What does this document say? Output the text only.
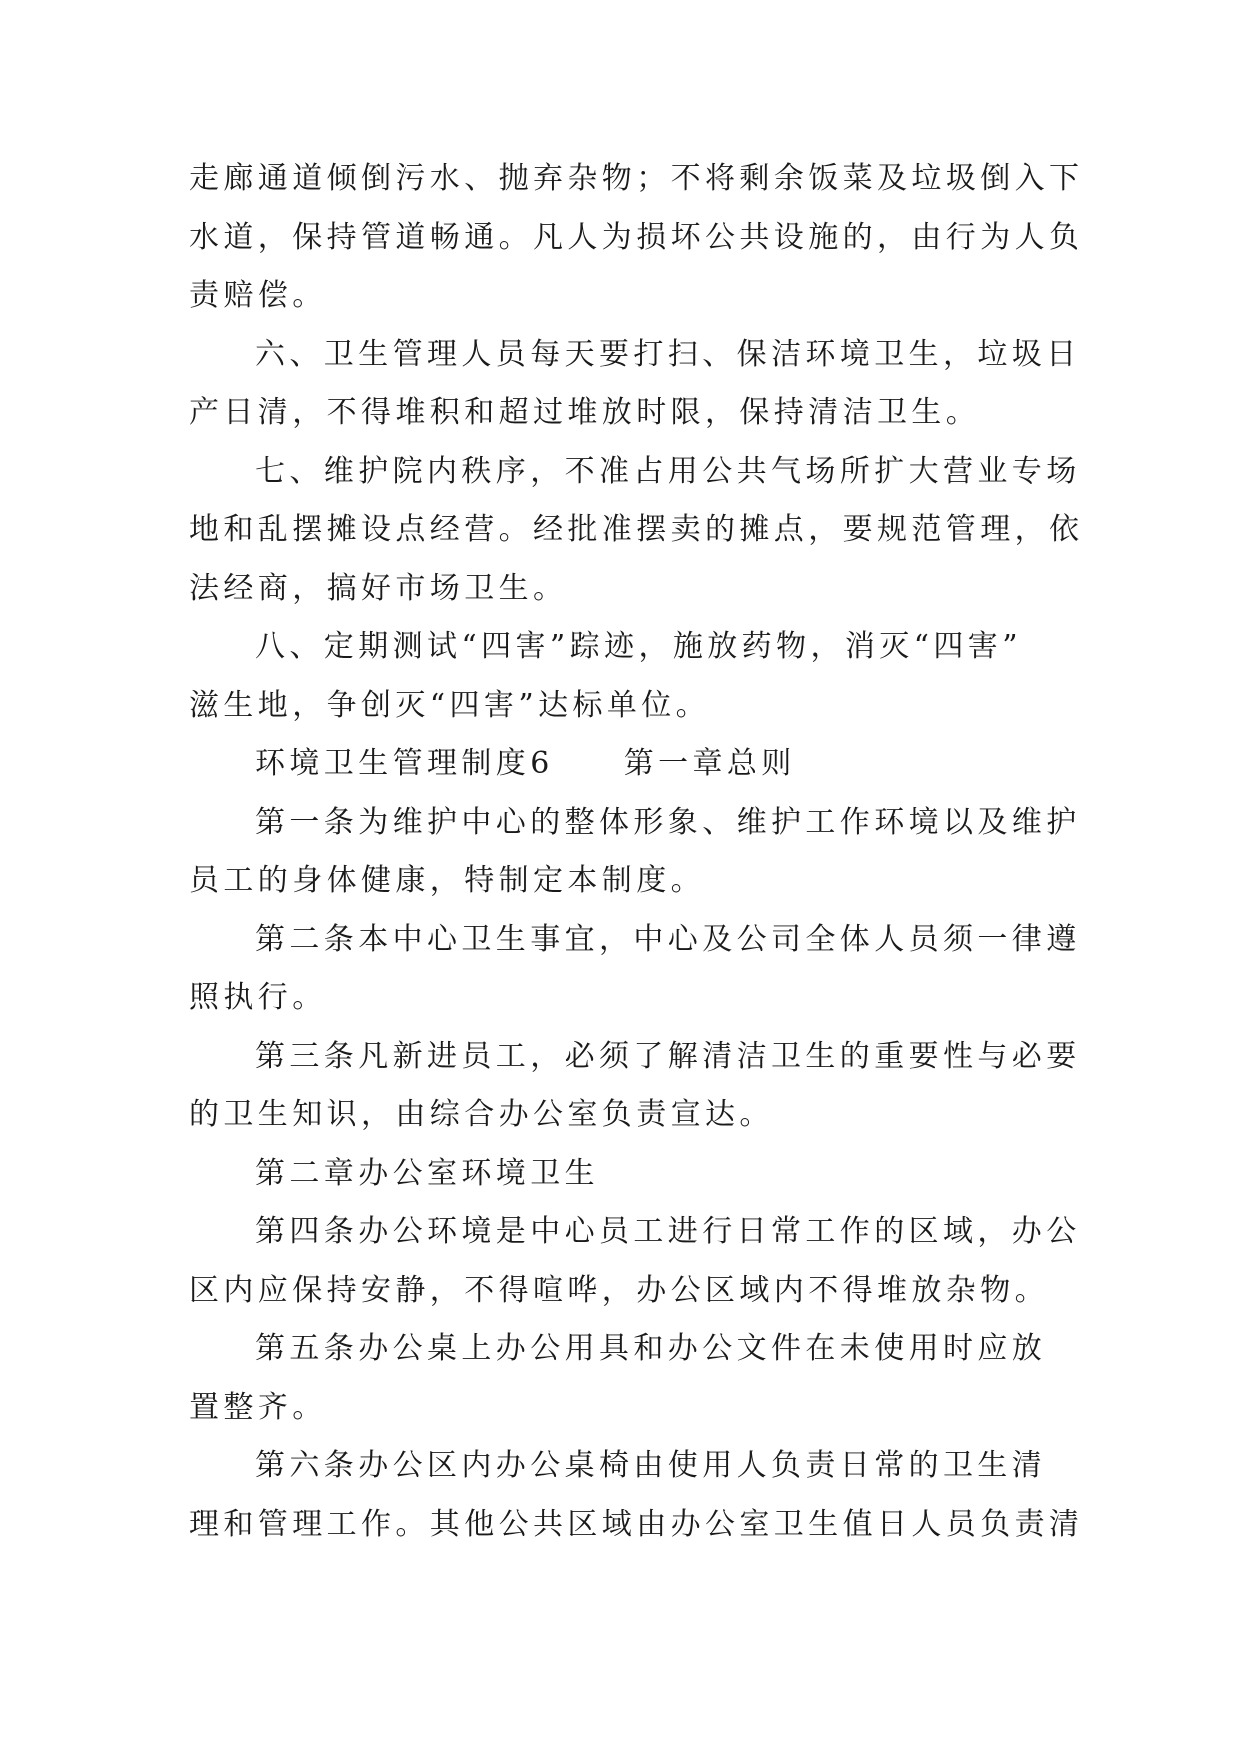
走廊通道倾倒污水、抛弃杂物；不将剩余饭菜及垃圾倒入下

水道，保持管道畅通。凡人为损坏公共设施的，由行为人负

责赔偿。

六、卫生管理人员每天要打扫、保洁环境卫生，垃圾日

产日清，不得堆积和超过堆放时限，保持清洁卫生。

七、维护院内秩序，不准占用公共气场所扩大营业专场

地和乱摆摊设点经营。经批准摆卖的摊点，要规范管理，依

法经商，搞好市场卫生。

八、定期测试“四害”踪迹，施放药物，消灭“四害”

滋生地，争创灭“四害”达标单位。

环境卫生管理制度6 第一章总则

第一条为维护中心的整体形象、维护工作环境以及维护

员工的身体健康，特制定本制度。

第二条本中心卫生事宜，中心及公司全体人员须一律遵

照执行。

第三条凡新进员工，必须了解清洁卫生的重要性与必要

的卫生知识，由综合办公室负责宣达。

第二章办公室环境卫生

第四条办公环境是中心员工进行日常工作的区域，办公

区内应保持安静，不得喧哗，办公区域内不得堆放杂物。

第五条办公桌上办公用具和办公文件在未使用时应放

置整齐。

第六条办公区内办公桌椅由使用人负责日常的卫生清

理和管理工作。其他公共区域由办公室卫生值日人员负责清
